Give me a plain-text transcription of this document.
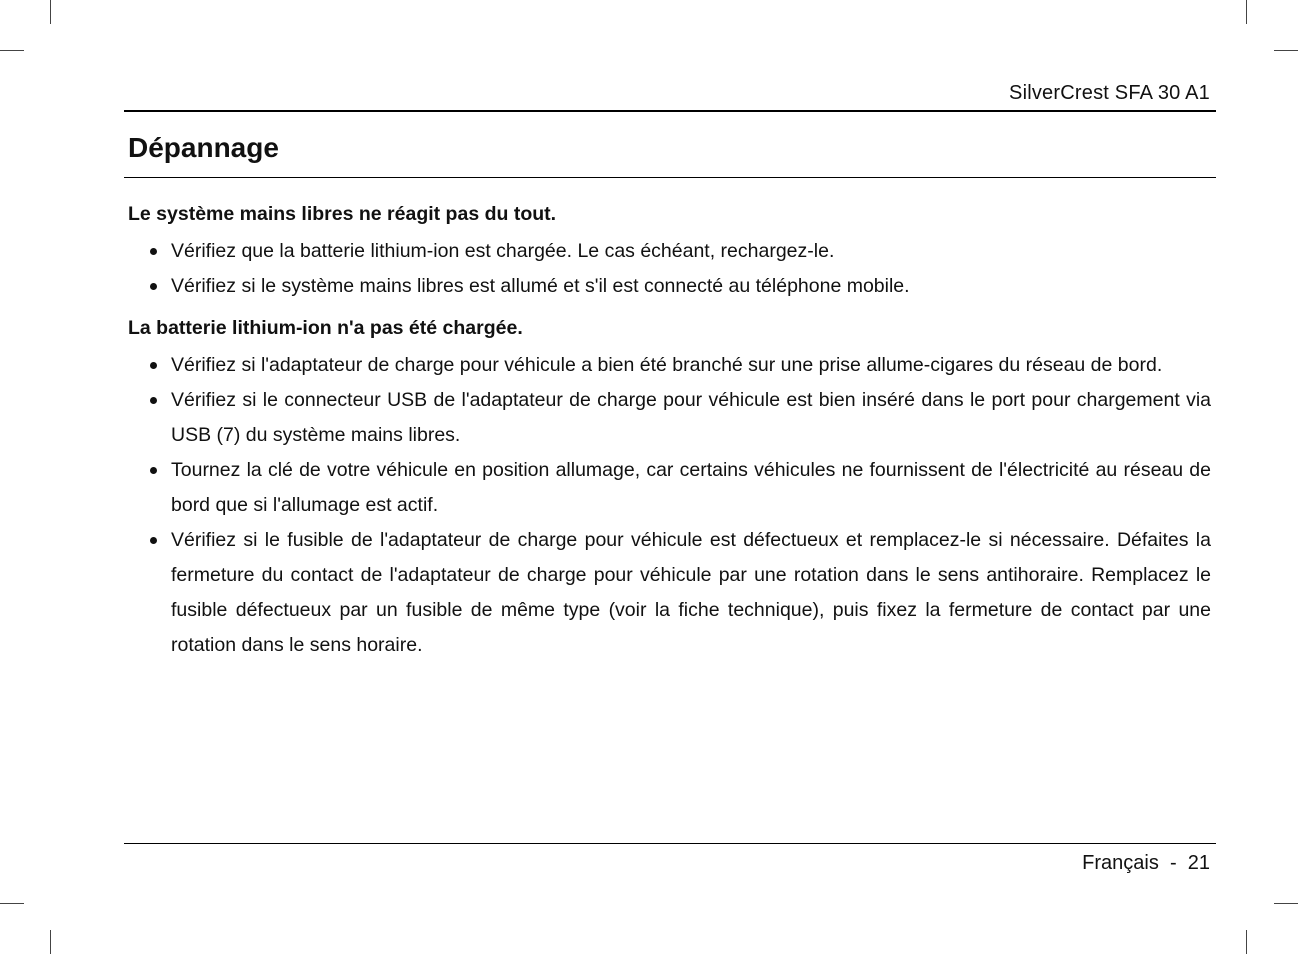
SilverCrest SFA 30 A1
Dépannage
Le système mains libres ne réagit pas du tout.
Vérifiez que la batterie lithium-ion est chargée. Le cas échéant, rechargez-le.
Vérifiez si le système mains libres est allumé et s'il est connecté au téléphone mobile.
La batterie lithium-ion n'a pas été chargée.
Vérifiez si l'adaptateur de charge pour véhicule a bien été branché sur une prise allume-cigares du réseau de bord.
Vérifiez si le connecteur USB de l'adaptateur de charge pour véhicule est bien inséré dans le port pour chargement via USB (7) du système mains libres.
Tournez la clé de votre véhicule en position allumage, car certains véhicules ne fournissent de l'électricité au réseau de bord que si l'allumage est actif.
Vérifiez si le fusible de l'adaptateur de charge pour véhicule est défectueux et remplacez-le si nécessaire. Défaites la fermeture du contact de l'adaptateur de charge pour véhicule par une rotation dans le sens antihoraire. Remplacez le fusible défectueux par un fusible de même type (voir la fiche technique), puis fixez la fermeture de contact par une rotation dans le sens horaire.
Français  -  21
